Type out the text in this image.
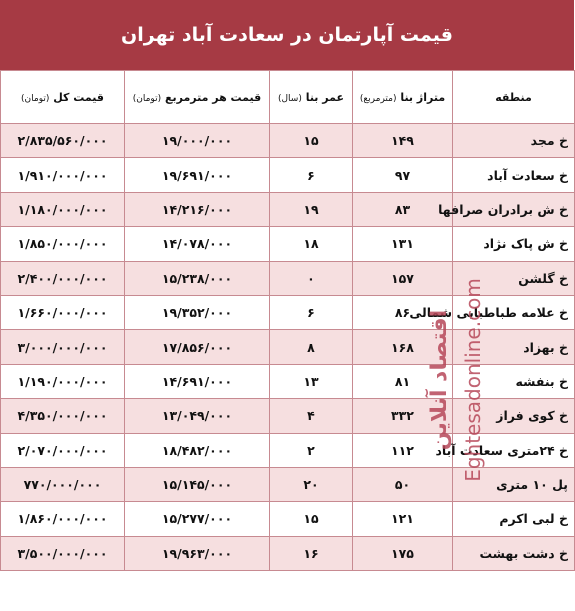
قیمت آپارتمان در سعادت آباد تهران
منطقه	متراژ بنا (مترمربع)	عمر بنا (سال)	قیمت هر مترمربع (تومان)	قیمت کل (تومان)
خ مجد	۱۴۹	۱۵	۱۹/۰۰۰/۰۰۰	۲/۸۳۵/۵۶۰/۰۰۰
خ سعادت آباد	۹۷	۶	۱۹/۶۹۱/۰۰۰	۱/۹۱۰/۰۰۰/۰۰۰
خ ش برادران صرافها	۸۳	۱۹	۱۴/۲۱۶/۰۰۰	۱/۱۸۰/۰۰۰/۰۰۰
خ ش پاک نژاد	۱۳۱	۱۸	۱۴/۰۷۸/۰۰۰	۱/۸۵۰/۰۰۰/۰۰۰
خ گلشن	۱۵۷	۰	۱۵/۲۳۸/۰۰۰	۲/۴۰۰/۰۰۰/۰۰۰
خ علامه طباطبایی شمالی	۸۶	۶	۱۹/۳۵۲/۰۰۰	۱/۶۶۰/۰۰۰/۰۰۰
خ بهزاد	۱۶۸	۸	۱۷/۸۵۶/۰۰۰	۳/۰۰۰/۰۰۰/۰۰۰
خ بنفشه	۸۱	۱۳	۱۴/۶۹۱/۰۰۰	۱/۱۹۰/۰۰۰/۰۰۰
خ کوی فراز	۳۳۲	۴	۱۳/۰۴۹/۰۰۰	۴/۳۵۰/۰۰۰/۰۰۰
خ ۲۴متری سعادت آباد	۱۱۲	۲	۱۸/۴۸۲/۰۰۰	۲/۰۷۰/۰۰۰/۰۰۰
پل ۱۰ متری	۵۰	۲۰	۱۵/۱۴۵/۰۰۰	۷۷۰/۰۰۰/۰۰۰
خ لبی اکرم	۱۲۱	۱۵	۱۵/۲۷۷/۰۰۰	۱/۸۶۰/۰۰۰/۰۰۰
خ دشت بهشت	۱۷۵	۱۶	۱۹/۹۶۳/۰۰۰	۳/۵۰۰/۰۰۰/۰۰۰
اقتصاد آنلاین Eghtesadonline.com
